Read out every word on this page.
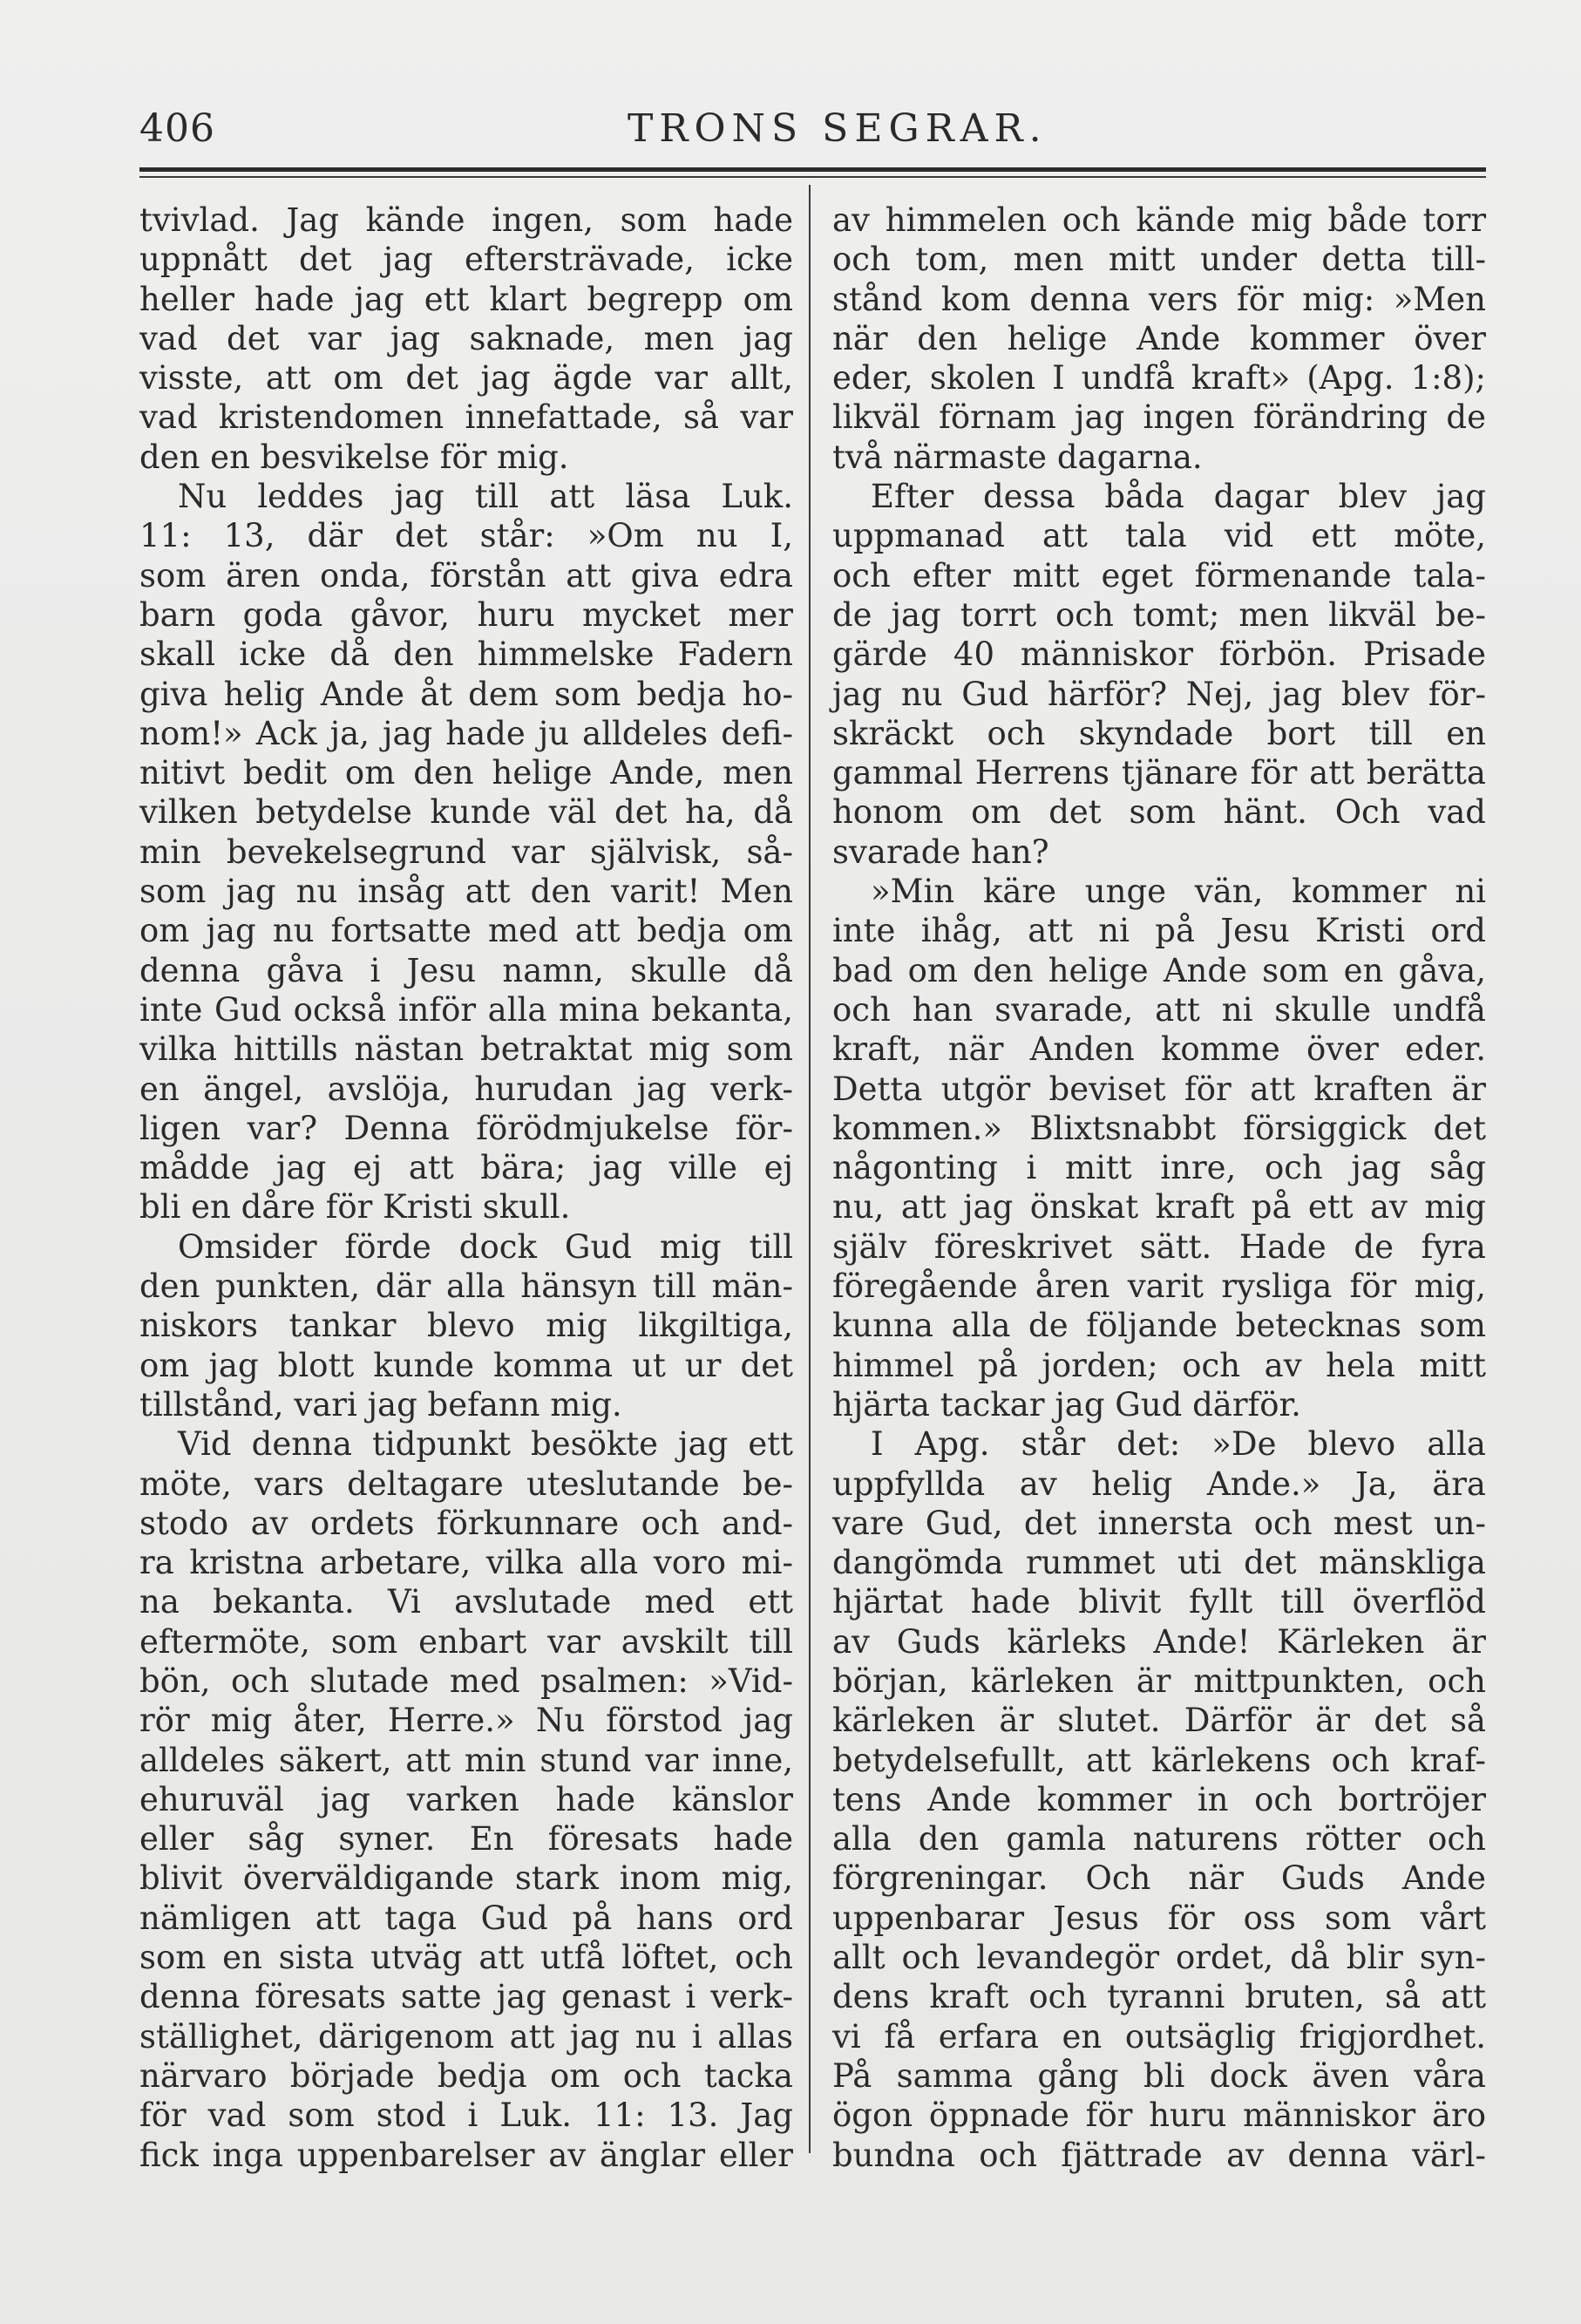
406	TRONS SEGRAR.
tvivlad. Jag kände ingen, som hade
uppnått det jag eftersträvade, icke
heller hade jag ett klart begrepp om
vad det var jag saknade, men jag
visste, att om det jag ägde var allt,
vad kristendomen innefattade, så var
den en besvikelse för mig.
Nu leddes jag till att läsa Luk.
11: 13, där det står: »Om nu I,
som ären onda, förstån att giva edra
barn goda gåvor, huru mycket mer
skall icke då den himmelske Fadern
giva helig Ande åt dem som bedja ho-
nom!» Ack ja, jag hade ju alldeles defi-
nitivt bedit om den helige Ande, men
vilken betydelse kunde väl det ha, då
min bevekelsegrund var självisk, så-
som jag nu insåg att den varit! Men
om jag nu fortsatte med att bedja om
denna gåva i Jesu namn, skulle då
inte Gud också inför alla mina bekanta,
vilka hittills nästan betraktat mig som
en ängel, avslöja, hurudan jag verk-
ligen var? Denna förödmjukelse för-
mådde jag ej att bära; jag ville ej
bli en dåre för Kristi skull.
Omsider förde dock Gud mig till
den punkten, där alla hänsyn till män-
niskors tankar blevo mig likgiltiga,
om jag blott kunde komma ut ur det
tillstånd, vari jag befann mig.
Vid denna tidpunkt besökte jag ett
möte, vars deltagare uteslutande be-
stodo av ordets förkunnare och and-
ra kristna arbetare, vilka alla voro mi-
na bekanta. Vi avslutade med ett
eftermöte, som enbart var avskilt till
bön, och slutade med psalmen: »Vid-
rör mig åter, Herre.» Nu förstod jag
alldeles säkert, att min stund var inne,
ehuruväl jag varken hade känslor
eller såg syner. En föresats hade
blivit överväldigande stark inom mig,
nämligen att taga Gud på hans ord
som en sista utväg att utfå löftet, och
denna föresats satte jag genast i verk-
ställighet, därigenom att jag nu i allas
närvaro började bedja om och tacka
för vad som stod i Luk. 11: 13. Jag
fick inga uppenbarelser av änglar eller
av himmelen och kände mig både torr
och tom, men mitt under detta till-
stånd kom denna vers för mig: »Men
när den helige Ande kommer över
eder, skolen I undfå kraft» (Apg. 1:8);
likväl förnam jag ingen förändring de
två närmaste dagarna.
Efter dessa båda dagar blev jag
uppmanad att tala vid ett möte,
och efter mitt eget förmenande tala-
de jag torrt och tomt; men likväl be-
gärde 40 människor förbön. Prisade
jag nu Gud härför? Nej, jag blev för-
skräckt och skyndade bort till en
gammal Herrens tjänare för att berätta
honom om det som hänt. Och vad
svarade han?
»Min käre unge vän, kommer ni
inte ihåg, att ni på Jesu Kristi ord
bad om den helige Ande som en gåva,
och han svarade, att ni skulle undfå
kraft, när Anden komme över eder.
Detta utgör beviset för att kraften är
kommen.» Blixtsnabbt försiggick det
någonting i mitt inre, och jag såg
nu, att jag önskat kraft på ett av mig
själv föreskrivet sätt. Hade de fyra
föregående åren varit rysliga för mig,
kunna alla de följande betecknas som
himmel på jorden; och av hela mitt
hjärta tackar jag Gud därför.
I Apg. står det: »De blevo alla
uppfyllda av helig Ande.» Ja, ära
vare Gud, det innersta och mest un-
dangömda rummet uti det mänskliga
hjärtat hade blivit fyllt till överflöd
av Guds kärleks Ande! Kärleken är
början, kärleken är mittpunkten, och
kärleken är slutet. Därför är det så
betydelsefullt, att kärlekens och kraf-
tens Ande kommer in och bortröjer
alla den gamla naturens rötter och
förgreningar. Och när Guds Ande
uppenbarar Jesus för oss som vårt
allt och levandegör ordet, då blir syn-
dens kraft och tyranni bruten, så att
vi få erfara en outsäglig frigjordhet.
På samma gång bli dock även våra
ögon öppnade för huru människor äro
bundna och fjättrade av denna värl-
